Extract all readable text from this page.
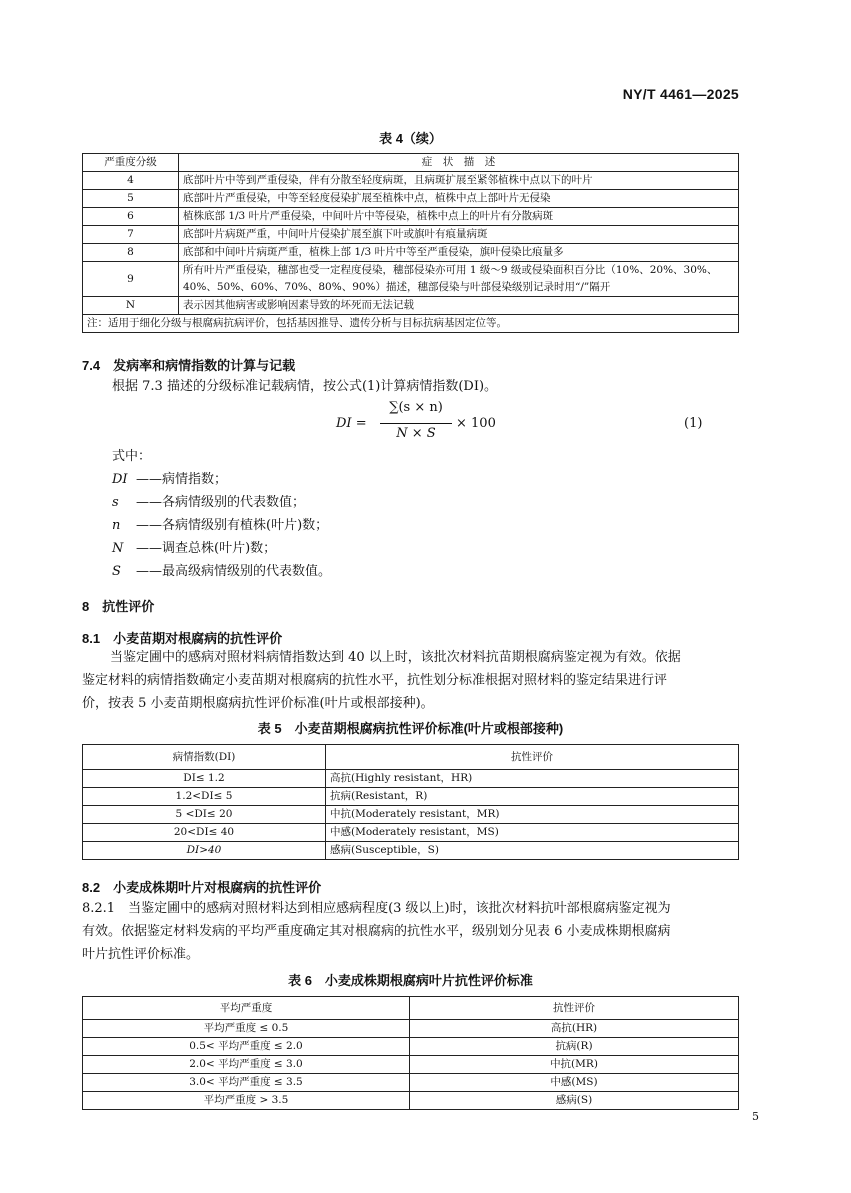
NY/T 4461—2025
表 4（续）
严重度分级	症　状　描　述
4	底部叶片中等到严重侵染，伴有分散至轻度病斑，且病斑扩展至紧邻植株中点以下的叶片
5	底部叶片严重侵染，中等至轻度侵染扩展至植株中点，植株中点上部叶片无侵染
6	植株底部 1/3 叶片严重侵染，中间叶片中等侵染，植株中点上的叶片有分散病斑
7	底部叶片病斑严重，中间叶片侵染扩展至旗下叶或旗叶有痕量病斑
8	底部和中间叶片病斑严重，植株上部 1/3 叶片中等至严重侵染，旗叶侵染比痕量多
9	所有叶片严重侵染，穗部也受一定程度侵染，穗部侵染亦可用 1 级～9 级或侵染面积百分比（10%、20%、30%、40%、50%、60%、70%、80%、90%）描述，穗部侵染与叶部侵染级别记录时用“/”隔开
N	表示因其他病害或影响因素导致的坏死而无法记载
注：适用于细化分级与根腐病抗病评价，包括基因推导、遗传分析与目标抗病基因定位等。	
7.4　发病率和病情指数的计算与记载
根据 7.3 描述的分级标准记载病情，按公式(1)计算病情指数(DI)。
DI =
∑(s × n)
N × S
× 100	(1)
式中：
DI ——病情指数；
s ——各病情级别的代表数值；
n ——各病情级别有植株(叶片)数；
N ——调查总株(叶片)数；
S ——最高级病情级别的代表数值。
8　抗性评价
8.1　小麦苗期对根腐病的抗性评价
当鉴定圃中的感病对照材料病情指数达到 40 以上时，该批次材料抗苗期根腐病鉴定视为有效。依据
鉴定材料的病情指数确定小麦苗期对根腐病的抗性水平，抗性划分标准根据对照材料的鉴定结果进行评
价，按表 5 小麦苗期根腐病抗性评价标准(叶片或根部接种)。
表 5　小麦苗期根腐病抗性评价标准(叶片或根部接种)
病情指数(DI)	抗性评价
DI≤ 1.2	高抗(Highly resistant，HR)
1.2<DI≤ 5	抗病(Resistant，R)
5 <DI≤ 20	中抗(Moderately resistant，MR)
20<DI≤ 40	中感(Moderately resistant，MS)
DI>40	感病(Susceptible，S)
8.2　小麦成株期叶片对根腐病的抗性评价
8.2.1　当鉴定圃中的感病对照材料达到相应感病程度(3 级以上)时，该批次材料抗叶部根腐病鉴定视为
有效。依据鉴定材料发病的平均严重度确定其对根腐病的抗性水平，级别划分见表 6 小麦成株期根腐病
叶片抗性评价标准。
表 6　小麦成株期根腐病叶片抗性评价标准
平均严重度	抗性评价
平均严重度 ≤ 0.5	高抗(HR)
0.5< 平均严重度 ≤ 2.0	抗病(R)
2.0< 平均严重度 ≤ 3.0	中抗(MR)
3.0< 平均严重度 ≤ 3.5	中感(MS)
平均严重度 > 3.5	感病(S)
5
